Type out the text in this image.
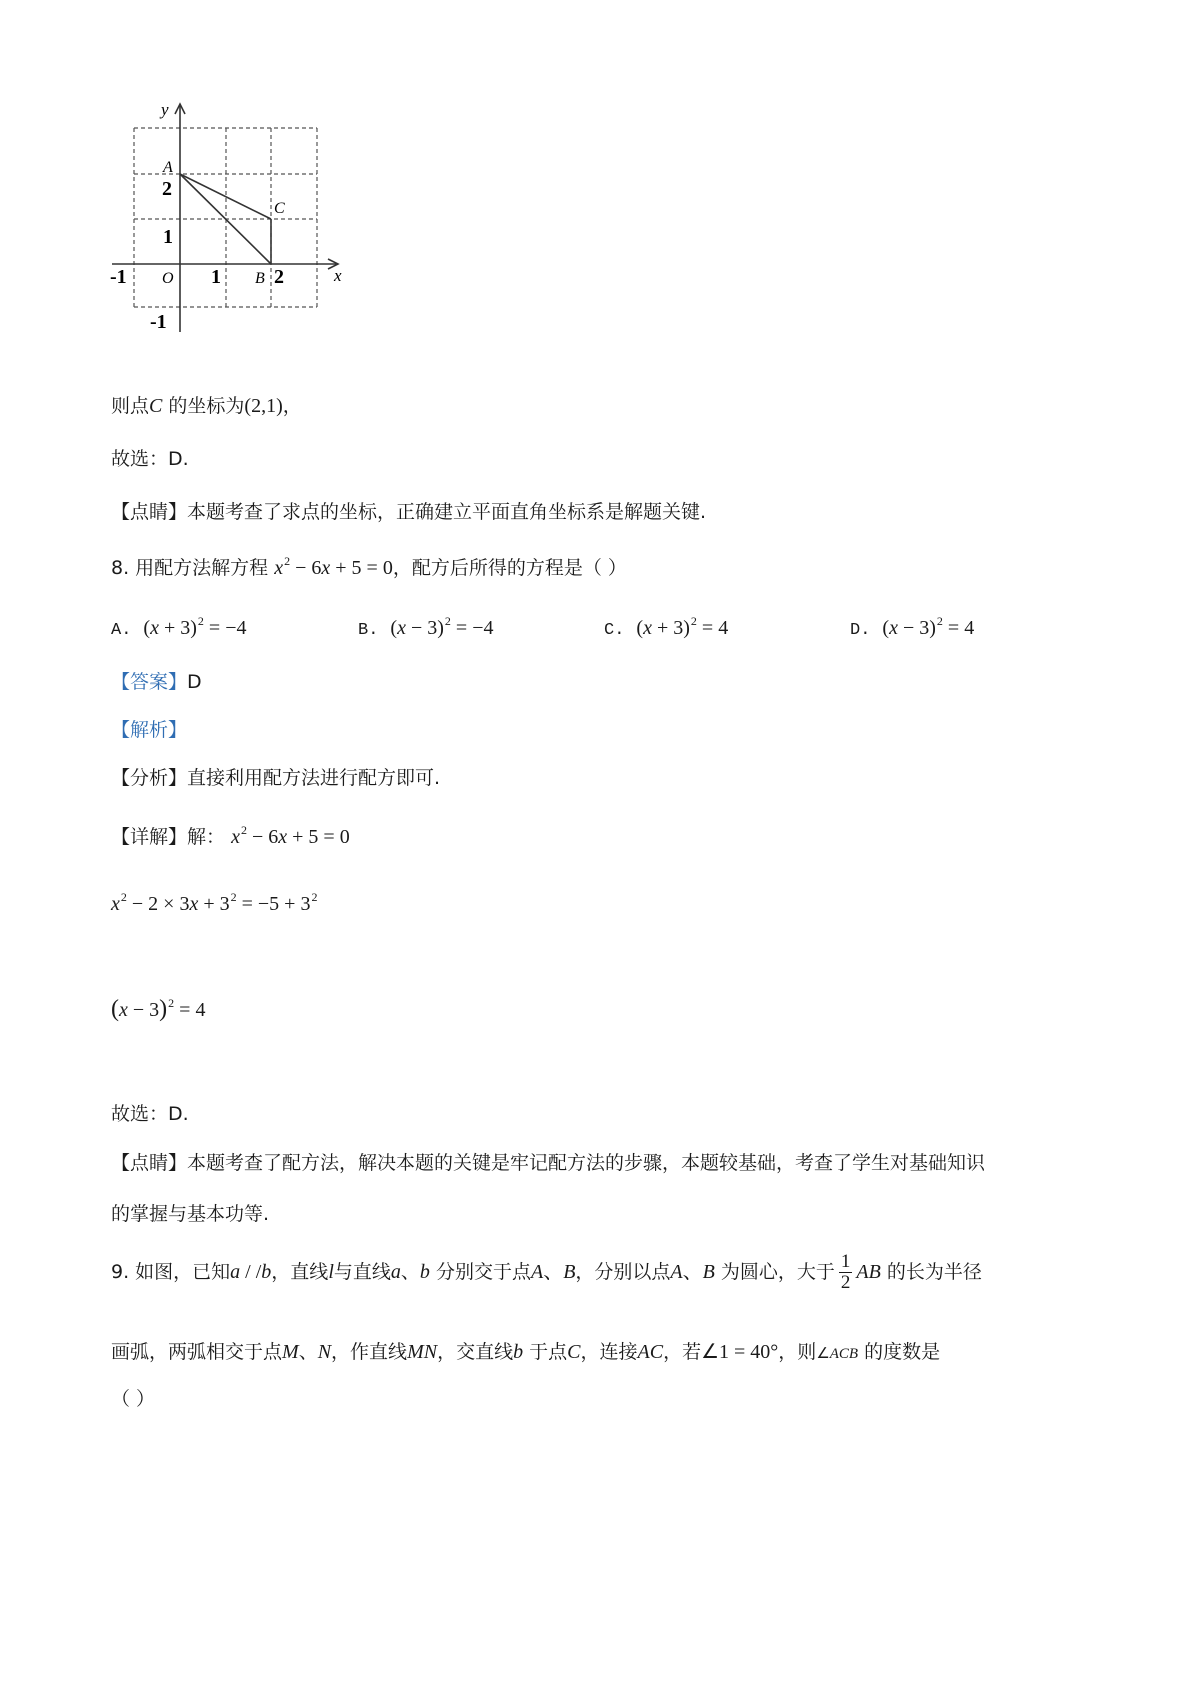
y
x
O
-1	1	2
2
1
-1
A
B
C
则点C 的坐标为(2,1)，
故选：D.
【点睛】本题考查了求点的坐标，正确建立平面直角坐标系是解题关键.
8. 用配方法解方程 $x^2 - 6x + 5 = 0$，配方后所得的方程是（ ）
A. $(x + 3)^2 = -4$	B. $(x - 3)^2 = -4$	C. $(x + 3)^2 = 4$	D. $(x - 3)^2 = 4$
【答案】D
【解析】
【分析】直接利用配方法进行配方即可.
【详解】解： $x^2 - 6x + 5 = 0$
$x^2 - 2 \times 3x + 3^2 = -5 + 3^2$
$(x - 3)^2 = 4$
故选：D.
【点睛】本题考查了配方法，解决本题的关键是牢记配方法的步骤，本题较基础，考查了学生对基础知识
的掌握与基本功等.
9. 如图，已知a / /b，直线l与直线a、b 分别交于点A、B，分别以点A、B 为圆心，大于 $\frac{1}{2}$ AB 的长为半径
画弧，两弧相交于点M、N，作直线MN，交直线b 于点C，连接AC，若∠1 = 40°，则∠ACB 的度数是
（ ）
